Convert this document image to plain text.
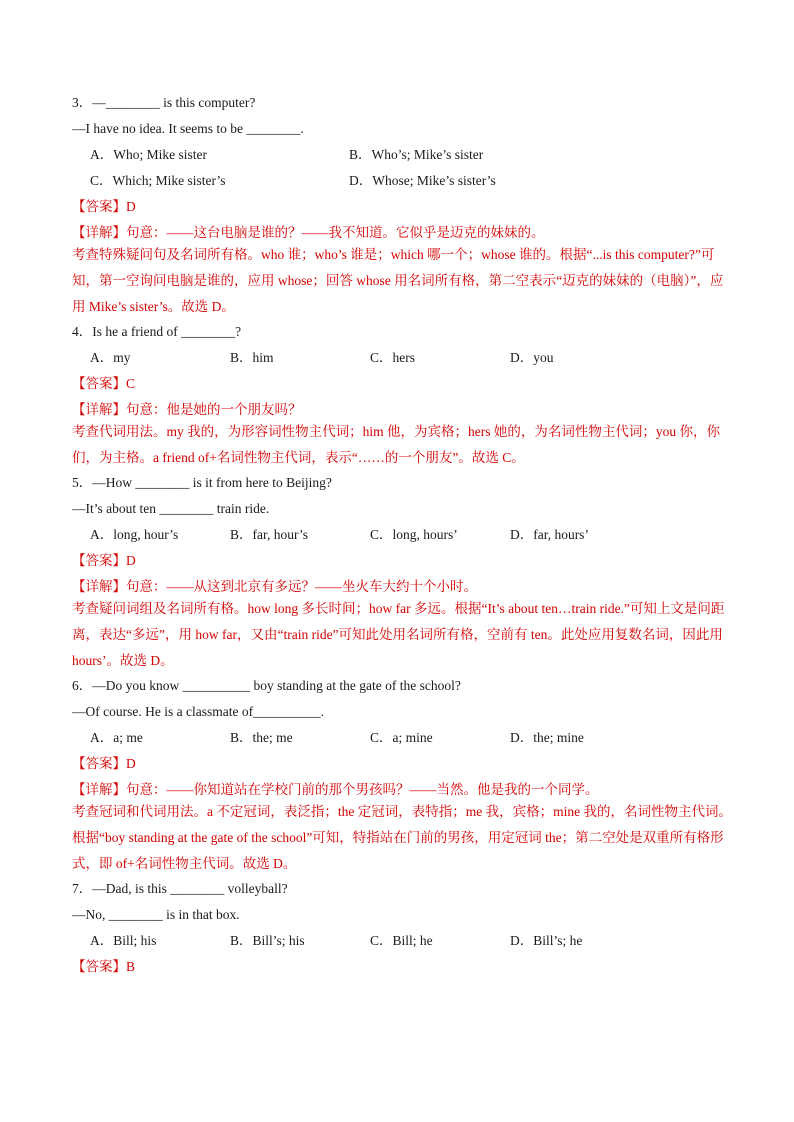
3．—________ is this computer?
—I have no idea. It seems to be ________.
A．Who; Mike sister	B．Who’s; Mike’s sister
C．Which; Mike sister’s	D．Whose; Mike’s sister’s
【答案】D
【详解】句意：——这台电脑是谁的？——我不知道。它似乎是迈克的妹妹的。
考查特殊疑问句及名词所有格。who 谁；who’s 谁是；which 哪一个；whose 谁的。根据“...is this computer?”可知，第一空询问电脑是谁的，应用 whose；回答 whose 用名词所有格，第二空表示“迈克的妹妹的（电脑）”，应用 Mike’s sister’s。故选 D。
4．Is he a friend of ________?
A．my	B．him	C．hers	D．you
【答案】C
【详解】句意：他是她的一个朋友吗？
考查代词用法。my 我的，为形容词性物主代词；him 他，为宾格；hers 她的，为名词性物主代词；you 你，你们，为主格。a friend of+名词性物主代词，表示“……的一个朋友”。故选 C。
5．—How ________ is it from here to Beijing?
—It’s about ten ________ train ride.
A．long, hour’s	B．far, hour’s	C．long, hours’	D．far, hours’
【答案】D
【详解】句意：——从这到北京有多远？——坐火车大约十个小时。
考查疑问词组及名词所有格。how long 多长时间；how far 多远。根据“It’s about ten…train ride.”可知上文是问距离，表达“多远”，用 how far，又由“train ride”可知此处用名词所有格，空前有 ten。此处应用复数名词，因此用 hours’。故选 D。
6．—Do you know __________ boy standing at the gate of the school?
—Of course. He is a classmate of__________.
A．a; me	B．the; me	C．a; mine	D．the; mine
【答案】D
【详解】句意：——你知道站在学校门前的那个男孩吗？——当然。他是我的一个同学。
考查冠词和代词用法。a 不定冠词，表泛指；the 定冠词，表特指；me 我，宾格；mine 我的，名词性物主代词。根据“boy standing at the gate of the school”可知，特指站在门前的男孩，用定冠词 the；第二空处是双重所有格形式，即 of+名词性物主代词。故选 D。
7．—Dad, is this ________ volleyball?
—No, ________ is in that box.
A．Bill; his	B．Bill’s; his	C．Bill; he	D．Bill’s; he
【答案】B
